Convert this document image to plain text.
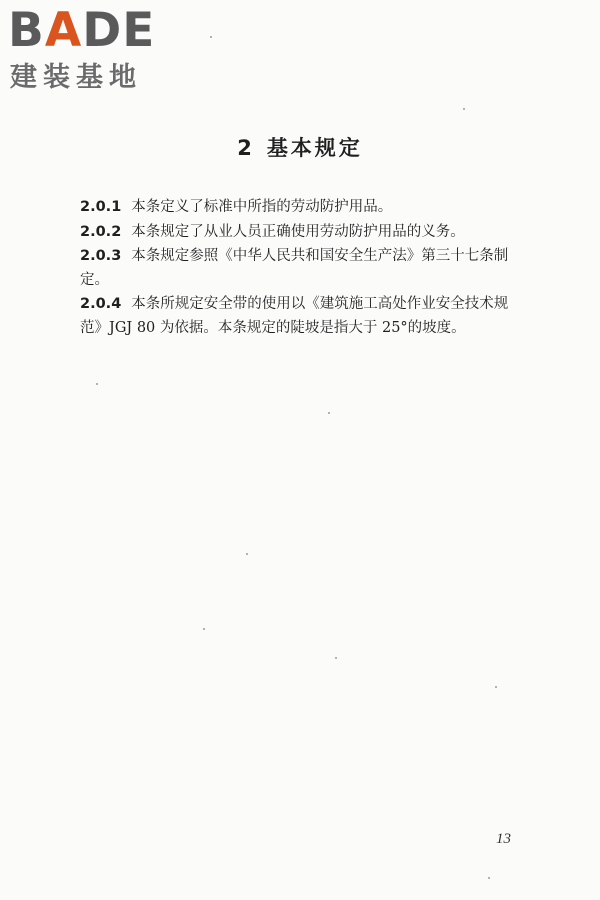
BADE
建装基地
2 基本规定

2.0.1 本条定义了标准中所指的劳动防护用品。

2.0.2 本条规定了从业人员正确使用劳动防护用品的义务。

2.0.3 本条规定参照《中华人民共和国安全生产法》第三十七条制定。

2.0.4 本条所规定安全带的使用以《建筑施工高处作业安全技术规范》JGJ 80 为依据。本条规定的陡坡是指大于 25°的坡度。

13
